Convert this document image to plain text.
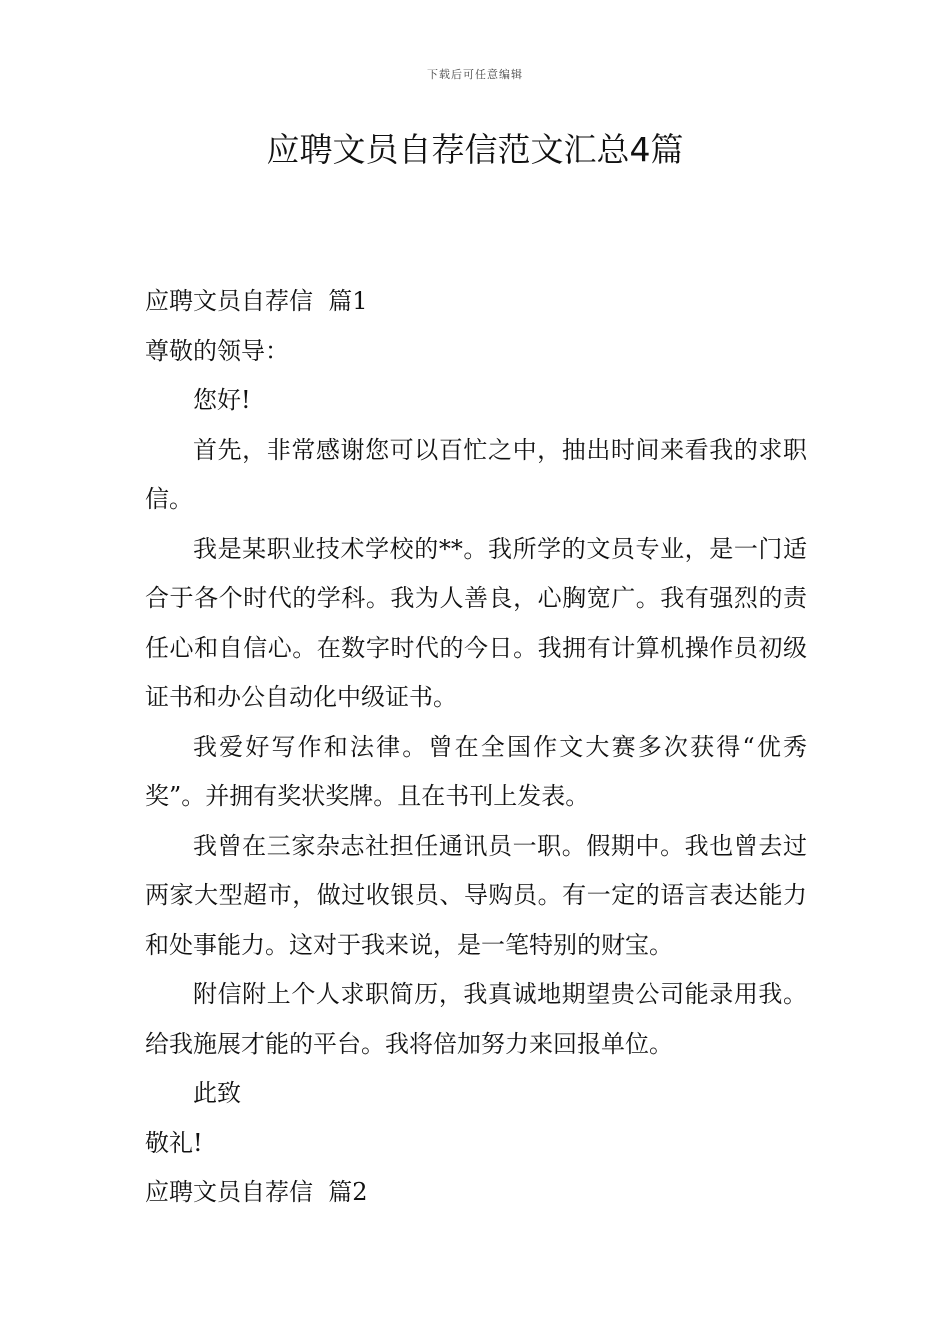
下载后可任意编辑
应聘文员自荐信范文汇总4篇

应聘文员自荐信  篇1

尊敬的领导：

您好!

首先，非常感谢您可以百忙之中，抽出时间来看我的求职信。

我是某职业技术学校的**。我所学的文员专业，是一门适合于各个时代的学科。我为人善良，心胸宽广。我有强烈的责任心和自信心。在数字时代的今日。我拥有计算机操作员初级证书和办公自动化中级证书。

我爱好写作和法律。曾在全国作文大赛多次获得“优秀奖”。并拥有奖状奖牌。且在书刊上发表。

我曾在三家杂志社担任通讯员一职。假期中。我也曾去过两家大型超市，做过收银员、导购员。有一定的语言表达能力和处事能力。这对于我来说，是一笔特别的财宝。

附信附上个人求职简历，我真诚地期望贵公司能录用我。给我施展才能的平台。我将倍加努力来回报单位。

此致

敬礼!

应聘文员自荐信  篇2
